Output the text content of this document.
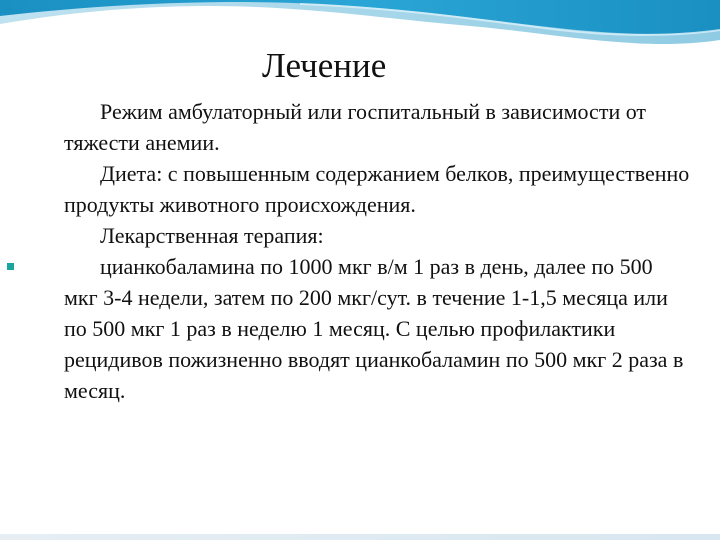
Лечение

Режим амбулаторный или госпитальный в зависимости от тяжести анемии.

Диета: с повышенным содержанием белков, преимущественно продукты животного происхождения.

Лекарственная терапия:

цианкобаламина по 1000 мкг в/м 1 раз в день, далее по 500 мкг 3-4 недели, затем по 200 мкг/сут. в течение 1-1,5 месяца или по 500 мкг 1 раз в неделю 1 месяц. С целью профилактики рецидивов пожизненно вводят цианкобаламин по 500 мкг 2 раза в месяц.
